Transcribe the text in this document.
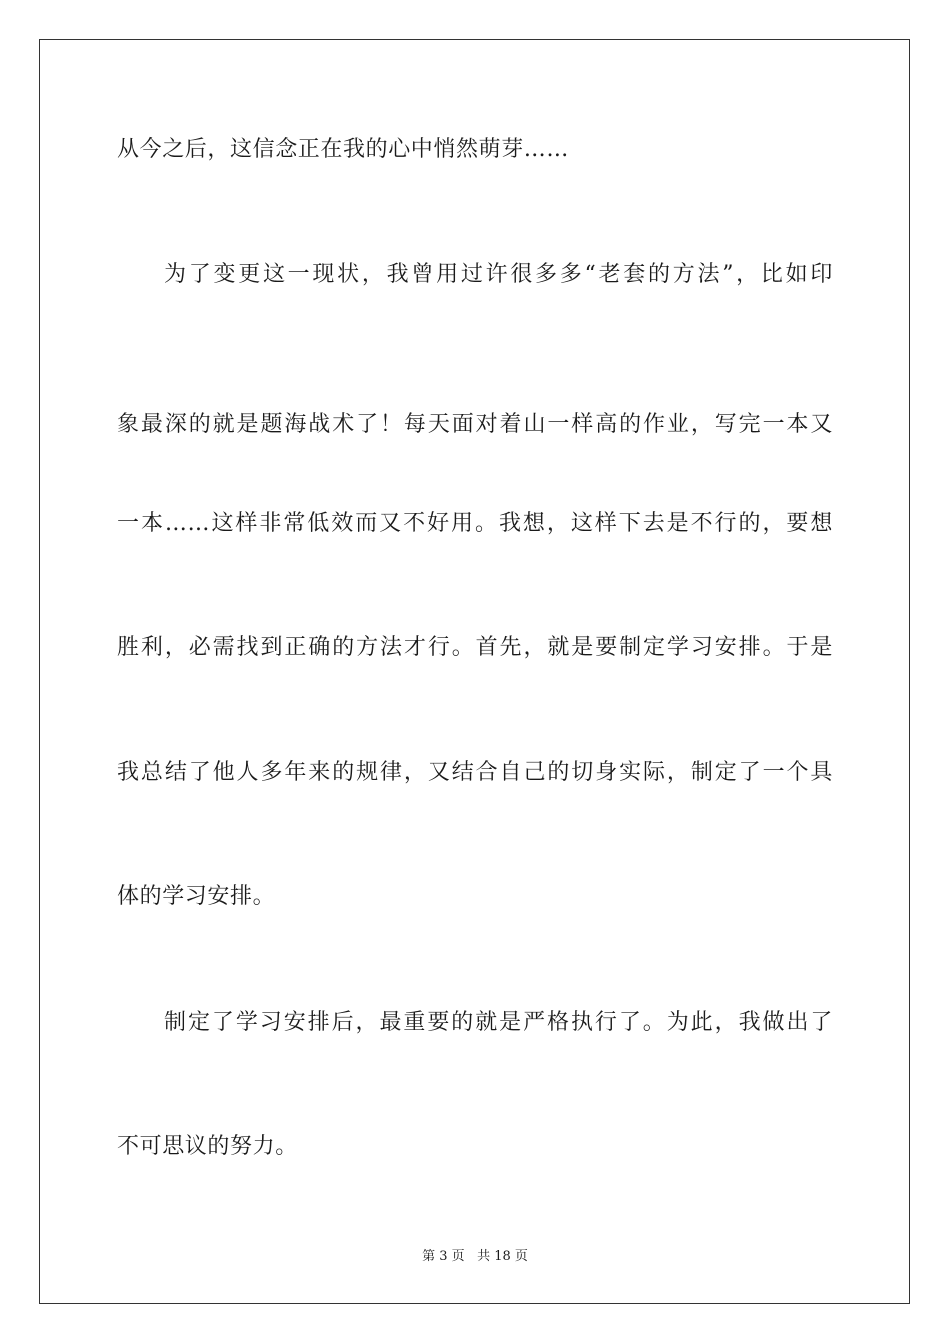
从今之后，这信念正在我的心中悄然萌芽……
为了变更这一现状，我曾用过许很多多“老套的方法”，比如印
象最深的就是题海战术了！每天面对着山一样高的作业，写完一本又
一本……这样非常低效而又不好用。我想，这样下去是不行的，要想
胜利，必需找到正确的方法才行。首先，就是要制定学习安排。于是
我总结了他人多年来的规律，又结合自己的切身实际，制定了一个具
体的学习安排。
制定了学习安排后，最重要的就是严格执行了。为此，我做出了
不可思议的努力。
第 3 页 共 18 页
